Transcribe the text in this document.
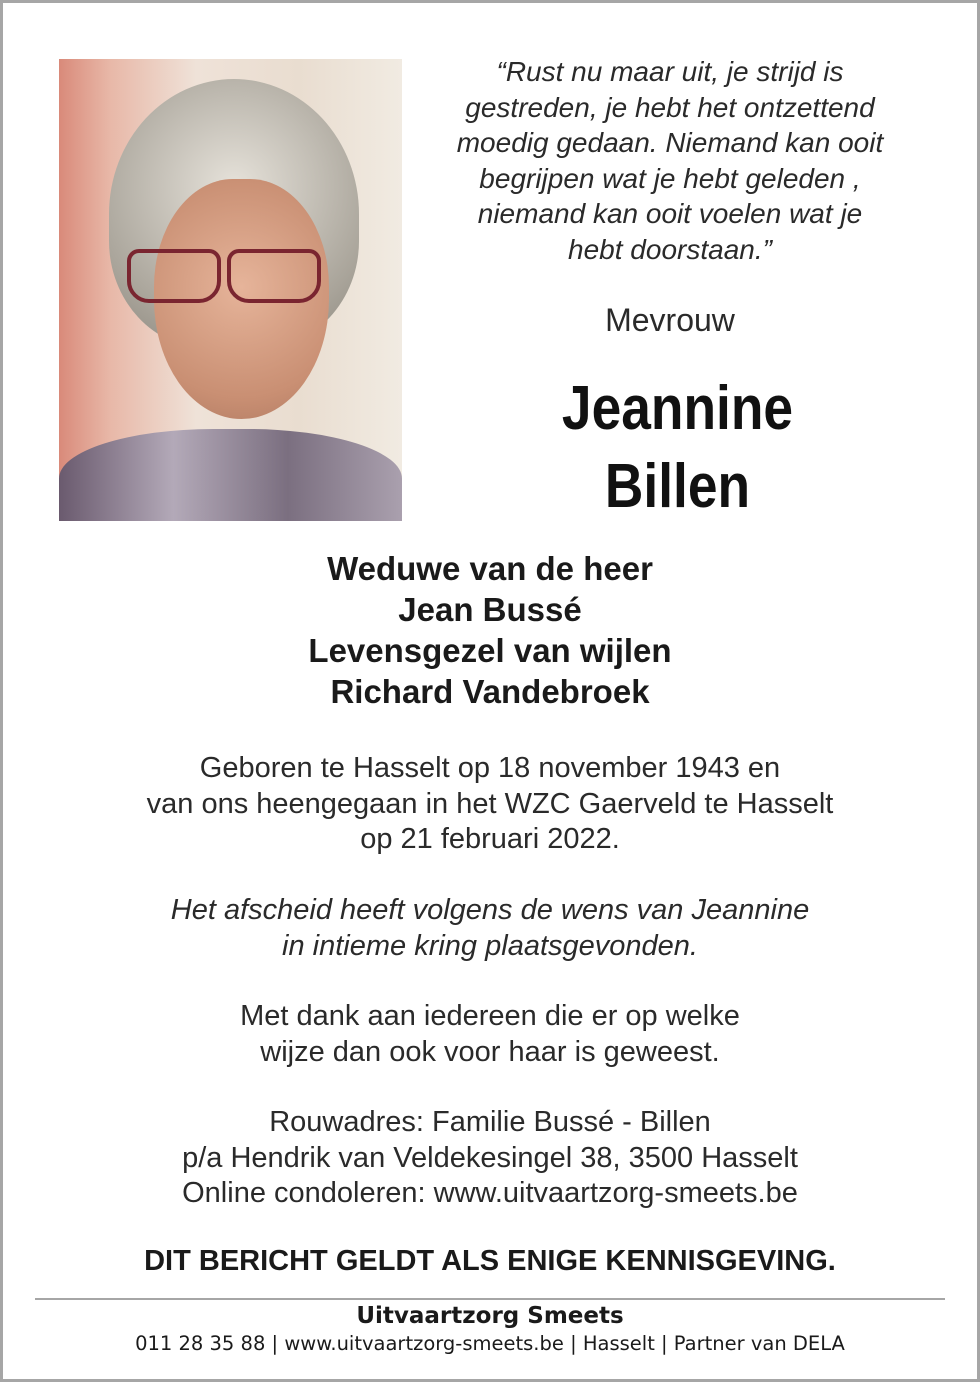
“Rust nu maar uit, je strijd is
gestreden, je hebt het ontzettend
moedig gedaan. Niemand kan ooit
begrijpen wat je hebt geleden ,
niemand kan ooit voelen wat je
hebt doorstaan.”
Mevrouw
Jeannine
Billen
Weduwe van de heer
Jean Bussé
Levensgezel van wijlen
Richard Vandebroek
Geboren te Hasselt op 18 november 1943 en
van ons heengegaan in het WZC Gaerveld te Hasselt
op 21 februari 2022.
Het afscheid heeft volgens de wens van Jeannine
in intieme kring plaatsgevonden.
Met dank aan iedereen die er op welke
wijze dan ook voor haar is geweest.
Rouwadres: Familie Bussé - Billen
p/a Hendrik van Veldekesingel 38, 3500 Hasselt
Online condoleren: www.uitvaartzorg-smeets.be
DIT BERICHT GELDT ALS ENIGE KENNISGEVING.
Uitvaartzorg Smeets
011 28 35 88 | www.uitvaartzorg-smeets.be | Hasselt | Partner van DELA
